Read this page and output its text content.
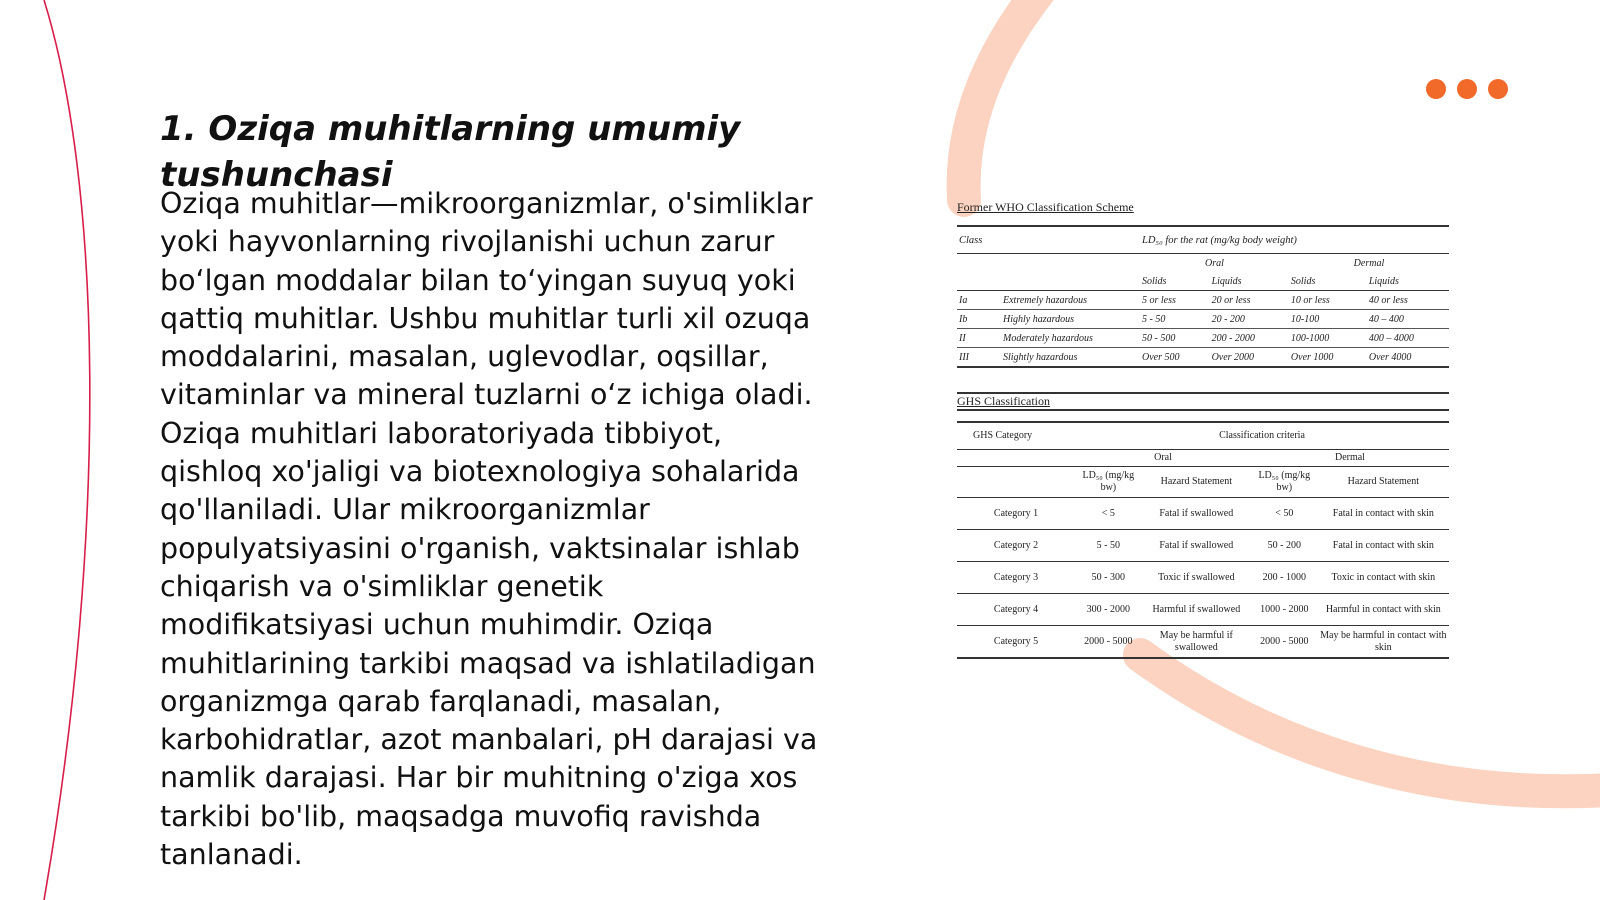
1. Oziqa muhitlarning umumiy tushunchasi

Oziqa muhitlar—mikroorganizmlar, o'simliklar yoki hayvonlarning rivojlanishi uchun zarur bo‘lgan moddalar bilan to‘yingan suyuq yoki qattiq muhitlar. Ushbu muhitlar turli xil ozuqa moddalarini, masalan, uglevodlar, oqsillar, vitaminlar va mineral tuzlarni o‘z ichiga oladi. Oziqa muhitlari laboratoriyada tibbiyot, qishloq xo'jaligi va biotexnologiya sohalarida qo'llaniladi. Ular mikroorganizmlar populyatsiyasini o'rganish, vaktsinalar ishlab chiqarish va o'simliklar genetik modifikatsiyasi uchun muhimdir. Oziqa muhitlarining tarkibi maqsad va ishlatiladigan organizmga qarab farqlanadi, masalan, karbohidratlar, azot manbalari, pH darajasi va namlik darajasi. Har bir muhitning o'ziga xos tarkibi bo'lib, maqsadga muvofiq ravishda tanlanadi.

Former WHO Classification Scheme
Class		LD₅₀ for the rat (mg/kg body weight)			
		Oral		Dermal	
		Solids	Liquids	Solids	Liquids
Ia	Extremely hazardous	5 or less	20 or less	10 or less	40 or less
Ib	Highly hazardous	5 - 50	20 - 200	10-100	40 – 400
II	Moderately hazardous	50 - 500	200 - 2000	100-1000	400 – 4000
III	Slightly hazardous	Over 500	Over 2000	Over 1000	Over 4000
GHS Classification
GHS Category	Classification criteria			
	Oral		Dermal	
	LD₅₀ (mg/kg bw)	Hazard Statement	LD₅₀ (mg/kg bw)	Hazard Statement
Category 1	< 5	Fatal if swallowed	< 50	Fatal in contact with skin
Category 2	5 - 50	Fatal if swallowed	50 - 200	Fatal in contact with skin
Category 3	50 - 300	Toxic if swallowed	200 - 1000	Toxic in contact with skin
Category 4	300 - 2000	Harmful if swallowed	1000 - 2000	Harmful in contact with skin
Category 5	2000 - 5000	May be harmful if swallowed	2000 - 5000	May be harmful in contact with skin
